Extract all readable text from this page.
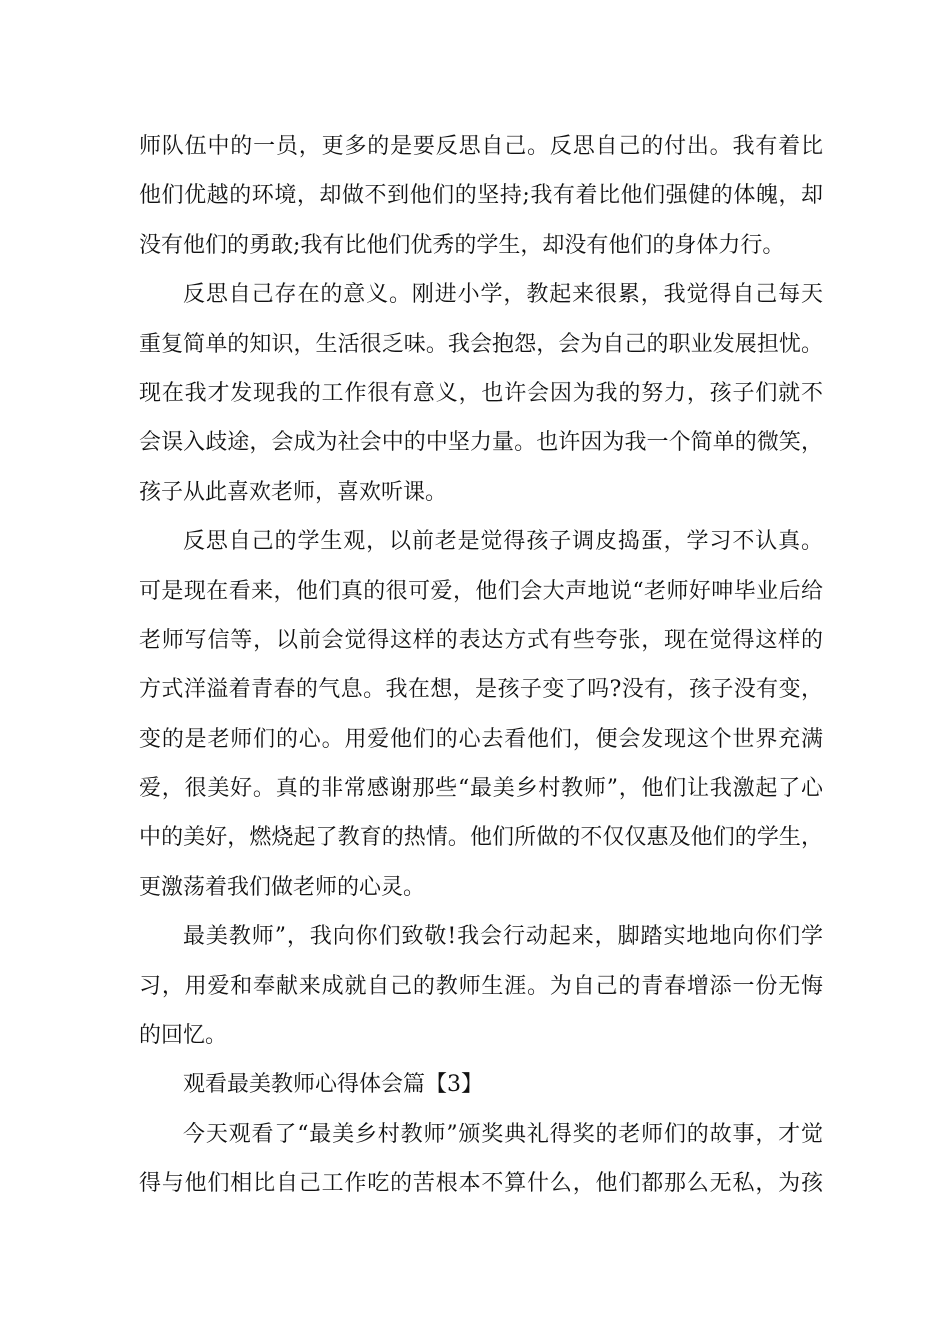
师队伍中的一员，更多的是要反思自己。反思自己的付出。我有着比
他们优越的环境，却做不到他们的坚持;我有着比他们强健的体魄，却
没有他们的勇敢;我有比他们优秀的学生，却没有他们的身体力行。
反思自己存在的意义。刚进小学，教起来很累，我觉得自己每天
重复简单的知识，生活很乏味。我会抱怨，会为自己的职业发展担忧。
现在我才发现我的工作很有意义，也许会因为我的努力，孩子们就不
会误入歧途，会成为社会中的中坚力量。也许因为我一个简单的微笑，
孩子从此喜欢老师，喜欢听课。
反思自己的学生观，以前老是觉得孩子调皮捣蛋，学习不认真。
可是现在看来，他们真的很可爱，他们会大声地说“老师好呻毕业后给
老师写信等，以前会觉得这样的表达方式有些夸张，现在觉得这样的
方式洋溢着青春的气息。我在想，是孩子变了吗?没有，孩子没有变，
变的是老师们的心。用爱他们的心去看他们，便会发现这个世界充满
爱，很美好。真的非常感谢那些“最美乡村教师”，他们让我激起了心
中的美好，燃烧起了教育的热情。他们所做的不仅仅惠及他们的学生，
更激荡着我们做老师的心灵。
最美教师”，我向你们致敬!我会行动起来，脚踏实地地向你们学
习，用爱和奉献来成就自己的教师生涯。为自己的青春增添一份无悔
的回忆。
观看最美教师心得体会篇【3】
今天观看了“最美乡村教师”颁奖典礼得奖的老师们的故事，才觉
得与他们相比自己工作吃的苦根本不算什么，他们都那么无私，为孩
